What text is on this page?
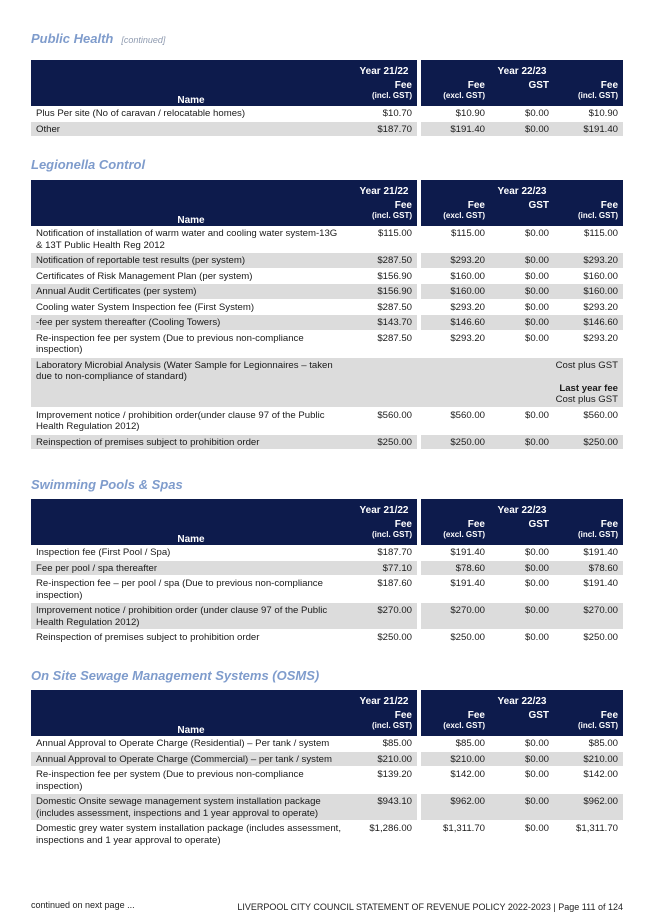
Public Health [continued]
Name	Year 21/22	Year 22/23		
	Fee	Fee	GST	Fee
	(incl. GST)	(excl. GST)		(incl. GST)
Plus Per site (No of caravan / relocatable homes)	$10.70	$10.90	$0.00	$10.90
Other	$187.70	$191.40	$0.00	$191.40
Legionella Control
Name	Year 21/22	Year 22/23		
	Fee	Fee	GST	Fee
	(incl. GST)	(excl. GST)		(incl. GST)
Notification of installation of warm water and cooling water system-13G & 13T Public Health Reg 2012	$115.00	$115.00	$0.00	$115.00
Notification of reportable test results (per system)	$287.50	$293.20	$0.00	$293.20
Certificates of Risk Management Plan (per system)	$156.90	$160.00	$0.00	$160.00
Annual Audit Certificates (per system)	$156.90	$160.00	$0.00	$160.00
Cooling water System Inspection fee (First System)	$287.50	$293.20	$0.00	$293.20
-fee per system thereafter (Cooling Towers)	$143.70	$146.60	$0.00	$146.60
Re-inspection fee per system (Due to previous non-compliance inspection)	$287.50	$293.20	$0.00	$293.20
Laboratory Microbial Analysis (Water Sample for Legionnaires – taken due to non-compliance of standard)	Cost plus GST

Last year fee
Cost plus GST			

Improvement notice / prohibition order(under clause 97 of the Public Health Regulation 2012)	$560.00	$560.00	$0.00	$560.00
Reinspection of premises subject to prohibition order	$250.00	$250.00	$0.00	$250.00
Swimming Pools & Spas
Name	Year 21/22	Year 22/23		
	Fee	Fee	GST	Fee
	(incl. GST)	(excl. GST)		(incl. GST)
Inspection fee (First Pool / Spa)	$187.70	$191.40	$0.00	$191.40
Fee per pool / spa thereafter	$77.10	$78.60	$0.00	$78.60
Re-inspection fee – per pool / spa (Due to previous non-compliance inspection)	$187.60	$191.40	$0.00	$191.40
Improvement notice / prohibition order (under clause 97 of the Public Health Regulation 2012)	$270.00	$270.00	$0.00	$270.00
Reinspection of premises subject to prohibition order	$250.00	$250.00	$0.00	$250.00
On Site Sewage Management Systems (OSMS)
Name	Year 21/22	Year 22/23		
	Fee	Fee	GST	Fee
	(incl. GST)	(excl. GST)		(incl. GST)
Annual Approval to Operate Charge (Residential) – Per tank / system	$85.00	$85.00	$0.00	$85.00
Annual Approval to Operate Charge (Commercial) – per tank / system	$210.00	$210.00	$0.00	$210.00
Re-inspection fee per system (Due to previous non-compliance inspection)	$139.20	$142.00	$0.00	$142.00
Domestic Onsite sewage management system installation package (includes assessment, inspections and 1 year approval to operate)	$943.10	$962.00	$0.00	$962.00
Domestic grey water system installation package (includes assessment, inspections and 1 year approval to operate)	$1,286.00	$1,311.70	$0.00	$1,311.70
continued on next page ...	LIVERPOOL CITY COUNCIL STATEMENT OF REVENUE POLICY 2022-2023 | Page 111 of 124
